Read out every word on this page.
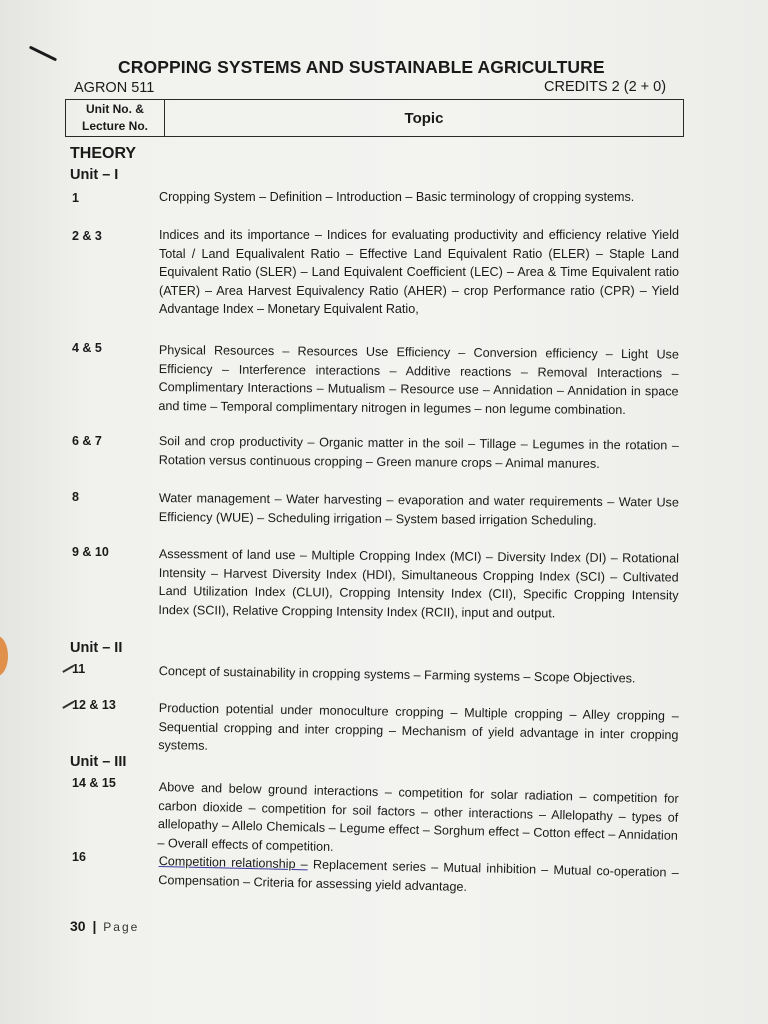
CROPPING SYSTEMS AND SUSTAINABLE AGRICULTURE
AGRON 511	CREDITS 2 (2 + 0)
Unit No. &
Lecture No.	Topic
THEORY
Unit – I
1	Cropping System – Definition – Introduction – Basic terminology of cropping systems.

2 & 3	Indices and its importance – Indices for evaluating productivity and efficiency relative Yield Total / Land Equalivalent Ratio – Effective Land Equivalent Ratio (ELER) – Staple Land Equivalent Ratio (SLER) – Land Equivalent Coefficient (LEC) – Area & Time Equivalent ratio (ATER) – Area Harvest Equivalency Ratio (AHER) – crop Performance ratio (CPR) – Yield Advantage Index – Monetary Equivalent Ratio,

4 & 5	Physical Resources – Resources Use Efficiency – Conversion efficiency – Light Use Efficiency – Interference interactions – Additive reactions – Removal Interactions – Complimentary Interactions – Mutualism – Resource use – Annidation – Annidation in space and time – Temporal complimentary nitrogen in legumes – non legume combination.

6 & 7	Soil and crop productivity – Organic matter in the soil – Tillage – Legumes in the rotation – Rotation versus continuous cropping – Green manure crops – Animal manures.

8	Water management – Water harvesting – evaporation and water requirements – Water Use Efficiency (WUE) – Scheduling irrigation – System based irrigation Scheduling.

9 & 10	Assessment of land use – Multiple Cropping Index (MCI) – Diversity Index (DI) – Rotational Intensity – Harvest Diversity Index (HDI), Simultaneous Cropping Index (SCI) – Cultivated Land Utilization Index (CLUI), Cropping Intensity Index (CII), Specific Cropping Intensity Index (SCII), Relative Cropping Intensity Index (RCII), input and output.

Unit – II
11	Concept of sustainability in cropping systems – Farming systems – Scope Objectives.

12 & 13	Production potential under monoculture cropping – Multiple cropping – Alley cropping – Sequential cropping and inter cropping – Mechanism of yield advantage in inter cropping systems.

Unit – III
14 & 15	Above and below ground interactions – competition for solar radiation – competition for carbon dioxide – competition for soil factors – other interactions – Allelopathy – types of allelopathy – Allelo Chemicals – Legume effect – Sorghum effect – Cotton effect – Annidation – Overall effects of competition.

16	Competition relationship – Replacement series – Mutual inhibition – Mutual co-operation – Compensation – Criteria for assessing yield advantage.

30 | Page
